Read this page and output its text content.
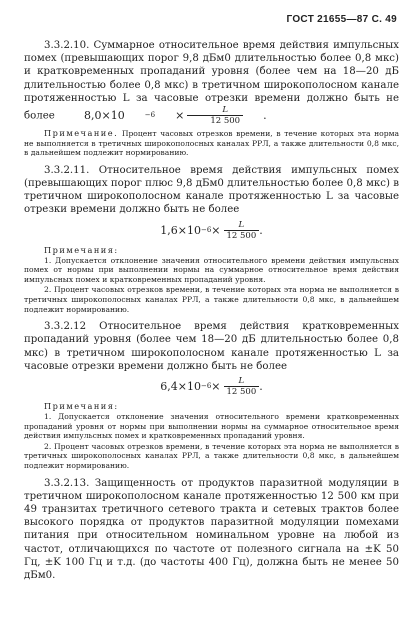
ГОСТ 21655—87 С. 49

3.3.2.10. Суммарное относительное время действия импульсных помех (превышающих порог 9,8 дБм0 длительностью более 0,8 мкс) и кратковременных пропаданий уровня (более чем на 18—20 дБ длительностью более 0,8 мкс) в третичном широкополосном канале протяженностью L за часовые отрезки времени должно быть не более	8,0×10	−6	× $\frac{L}{12 500}$	.

Примечание. Процент часовых отрезков времени, в течение которых эта норма не выполняется в третичных широкополосных каналах РРЛ, а также длительности 0,8 мкс, в дальнейшем подлежит нормированию.

3.3.2.11. Относительное время действия импульсных помех (превышающих порог плюс 9,8 дБм0 длительностью более 0,8 мкс) в третичном широкополосном канале протяженностью L за часовые отрезки времени должно быть не более

$1,6\times 10 -6 \times \frac{L}{12 500}$ .
Примечания:

1. Допускается отклонение значения относительного времени действия импульсных помех от нормы при выполнении нормы на суммарное относительное время действия импульсных помех и кратковременных пропаданий уровня.

2. Процент часовых отрезков времени, в течение которых эта норма не выполняется в третичных широкополосных каналах РРЛ, а также длительности 0,8 мкс, в дальнейшем подлежит нормированию.

3.3.2.12 Относительное время действия кратковременных пропаданий уровня (более чем 18—20 дБ длительностью более 0,8 мкс) в третичном широкополосном канале протяженностью L за часовые отрезки времени должно быть не более

$6,4\times 10 -6 \times \frac{L}{12 500}$ .
Примечания:

1. Допускается отклонение значения относительного времени кратковременных пропаданий уровня от нормы при выполнении нормы на суммарное относительное время действия импульсных помех и кратковременных пропаданий уровня.

2. Процент часовых отрезков времени, в течение которых эта норма не выполняется в третичных широкополосных каналах РРЛ, а также длительности 0,8 мкс, в дальнейшем подлежит нормированию.

3.3.2.13. Защищенность от продуктов паразитной модуляции в третичном широкополосном канале протяженностью 12 500 км при 49 транзитах третичного сетевого тракта и сетевых трактов более высокого порядка от продуктов паразитной модуляции помехами питания при относительном номинальном уровне на любой из частот, отличающихся по частоте от полезного сигнала на ±K 50 Гц, ±K 100 Гц и т.д. (до частоты 400 Гц), должна быть не менее 50 дБм0.
